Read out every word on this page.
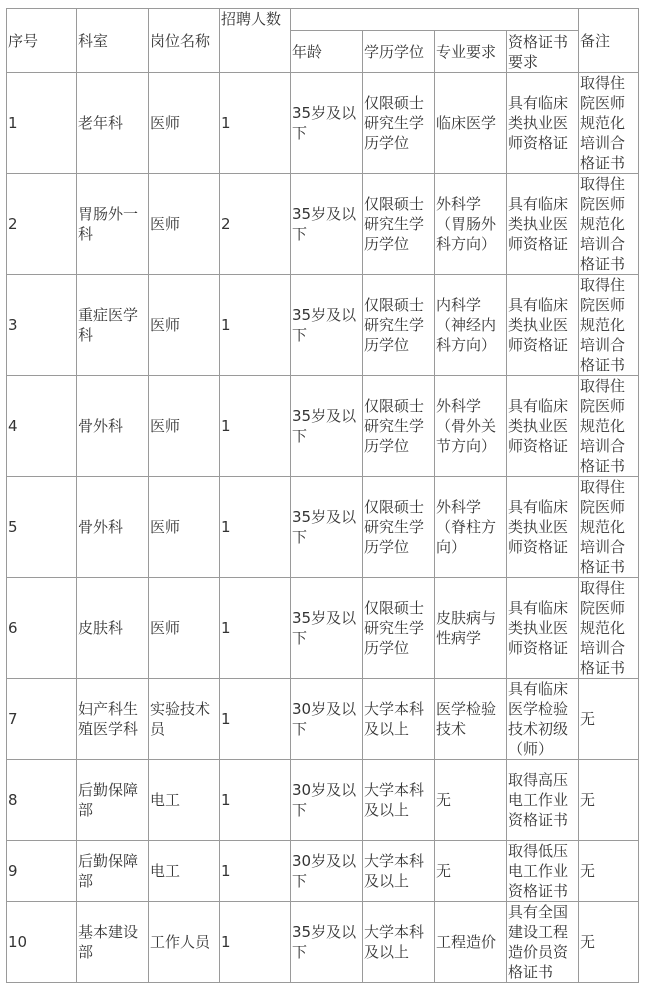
序号	科室	岗位名称	招聘人数					备注
				年龄	学历学位	专业要求	资格证书要求	
1	老年科	医师	1	35岁及以下	仅限硕士研究生学历学位	临床医学	具有临床类执业医师资格证	取得住院医师规范化培训合格证书
2	胃肠外一科	医师	2	35岁及以下	仅限硕士研究生学历学位	外科学（胃肠外科方向）	具有临床类执业医师资格证	取得住院医师规范化培训合格证书
3	重症医学科	医师	1	35岁及以下	仅限硕士研究生学历学位	内科学（神经内科方向）	具有临床类执业医师资格证	取得住院医师规范化培训合格证书
4	骨外科	医师	1	35岁及以下	仅限硕士研究生学历学位	外科学（骨外关节方向）	具有临床类执业医师资格证	取得住院医师规范化培训合格证书
5	骨外科	医师	1	35岁及以下	仅限硕士研究生学历学位	外科学（脊柱方向）	具有临床类执业医师资格证	取得住院医师规范化培训合格证书
6	皮肤科	医师	1	35岁及以下	仅限硕士研究生学历学位	皮肤病与性病学	具有临床类执业医师资格证	取得住院医师规范化培训合格证书
7	妇产科生殖医学科	实验技术员	1	30岁及以下	大学本科及以上	医学检验技术	具有临床医学检验技术初级（师）	无
8	后勤保障部	电工	1	30岁及以下	大学本科及以上	无	取得高压电工作业资格证书	无
9	后勤保障部	电工	1	30岁及以下	大学本科及以上	无	取得低压电工作业资格证书	无
10	基本建设部	工作人员	1	35岁及以下	大学本科及以上	工程造价	具有全国建设工程造价员资格证书	无
